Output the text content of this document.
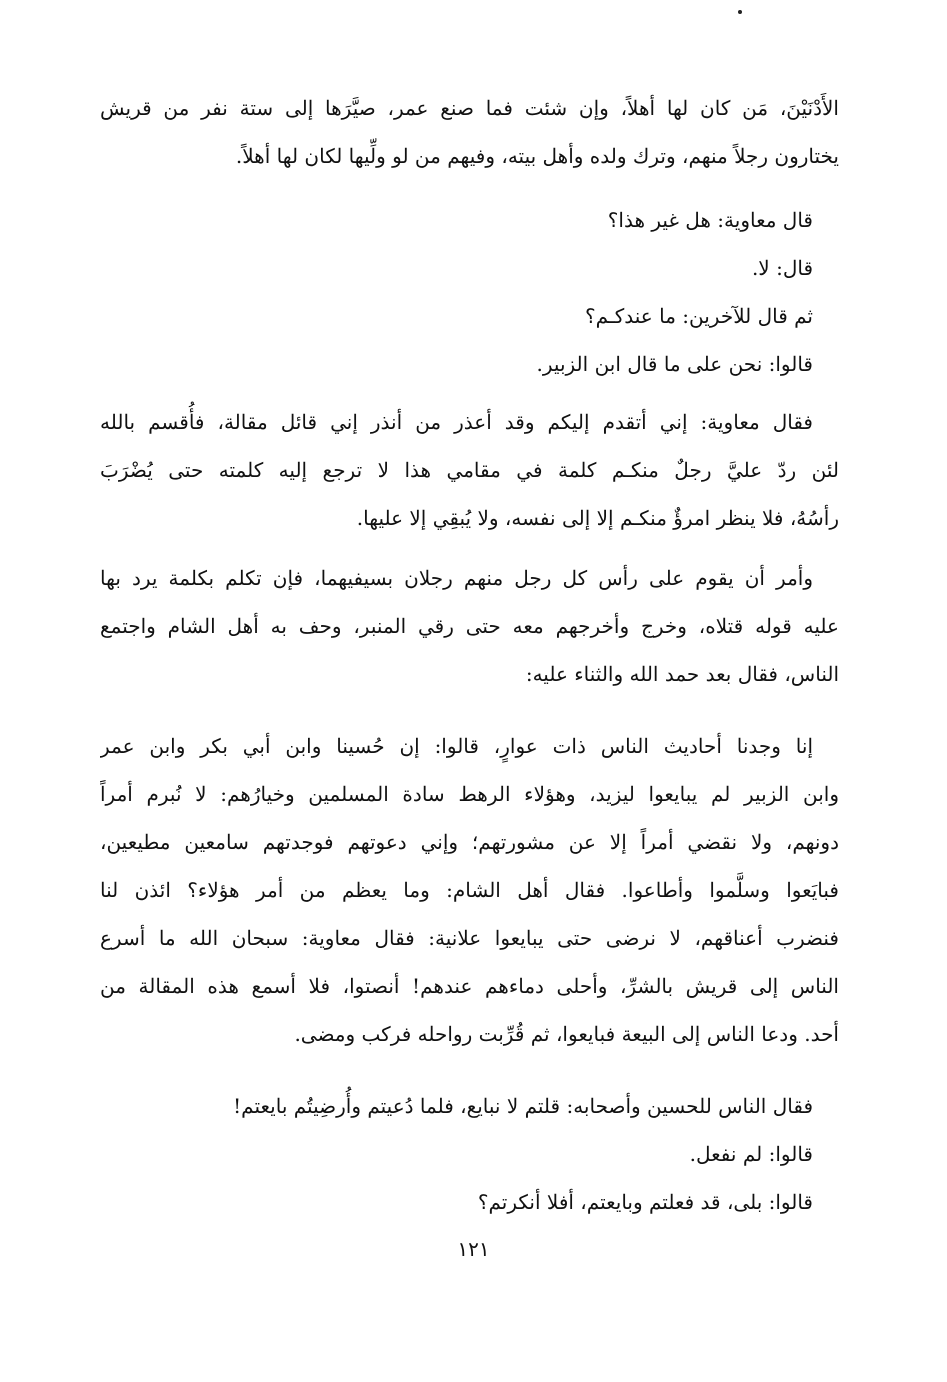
الأَدْنَيْنَ، مَن كان لها أهلاً، وإن شئت فما صنع عمر، صيَّرَها إلى ستة نفر من قريش
يختارون رجلاً منهم، وترك ولده وأهل بيته، وفيهم من لو ولِّيها لكان لها أهلاً.
قال معاوية: هل غير هذا؟
قال: لا.
ثم قال للآخرين: ما عندكـم؟
قالوا: نحن على ما قال ابن الزبير.
فقال معاوية: إني أتقدم إليكم وقد أعذر من أنذر إني قائل مقالة، فأُقسم بالله
لئن ردّ عليَّ رجلٌ منكـم كلمة في مقامي هذا لا ترجع إليه كلمته حتى يُضْرَبَ
رأسُهُ، فلا ينظر امرؤٌ منكـم إلا إلى نفسه، ولا يُبقِي إلا عليها.
وأمر أن يقوم على رأس كل رجل منهم رجلان بسيفيهما، فإن تكلم بكلمة يرد بها
عليه قوله قتلاه، وخرج وأخرجهم معه حتى رقي المنبر، وحف به أهل الشام واجتمع
الناس، فقال بعد حمد الله والثناء عليه:
إنا وجدنا أحاديث الناس ذات عوارٍ، قالوا: إن حُسينا وابن أبي بكر وابن عمر
وابن الزبير لم يبايعوا ليزيد، وهؤلاء الرهط سادة المسلمين وخيارُهم: لا نُبرم أمراً
دونهم، ولا نقضي أمراً إلا عن مشورتهم؛ وإني دعوتهم فوجدتهم سامعين مطيعين،
فبايَعوا وسلَّموا وأطاعوا. فقال أهل الشام: وما يعظم من أمر هؤلاء؟ ائذن لنا
فنضرب أعناقهم، لا نرضى حتى يبايعوا علانية: فقال معاوية: سبحان الله ما أسرع
الناس إلى قريش بالشرِّ، وأحلى دماءهم عندهم! أنصتوا، فلا أسمع هذه المقالة من
أحد. ودعا الناس إلى البيعة فبايعوا، ثم قُرِّبت رواحله فركب ومضى.
فقال الناس للحسين وأصحابه: قلتم لا نبايع، فلما دُعيتم وأُرضِيتُم بايعتم!
قالوا: لم نفعل.
قالوا: بلى، قد فعلتم وبايعتم، أفلا أنكرتم؟
١٢١
